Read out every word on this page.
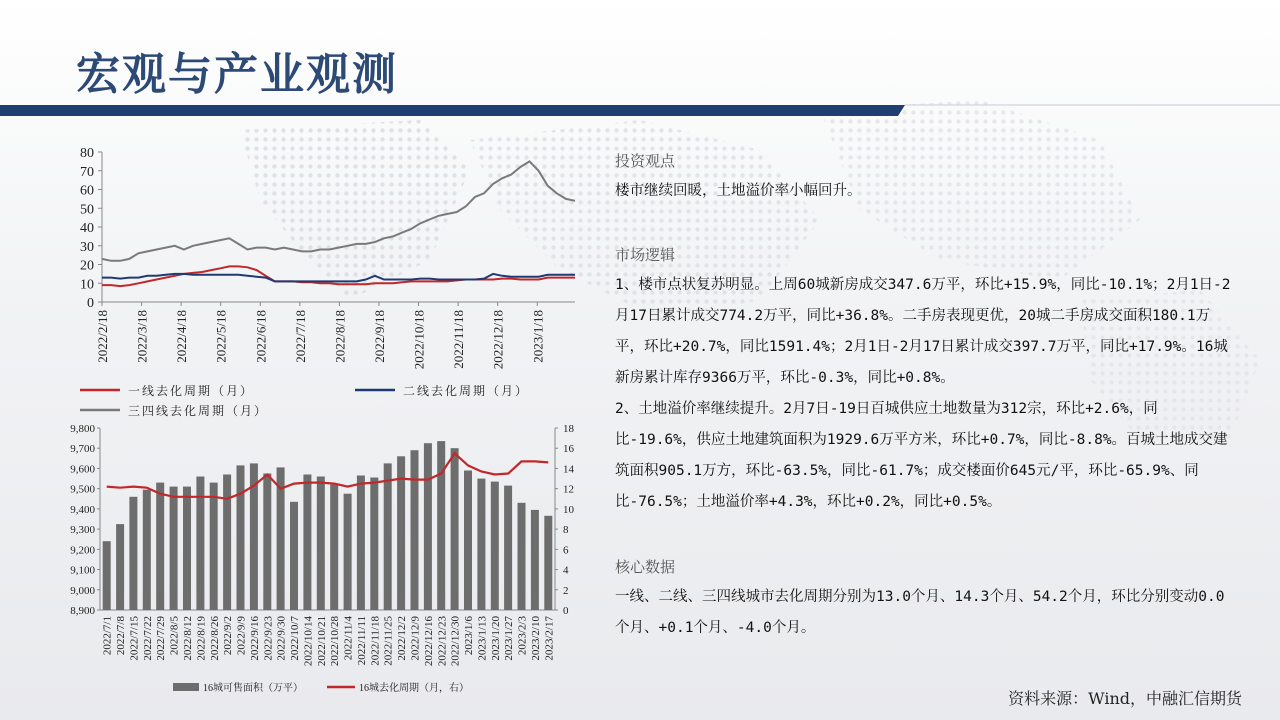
宏观与产业观测
投资观点
楼市继续回暖，土地溢价率小幅回升。
市场逻辑
1、楼市点状复苏明显。上周60城新房成交347.6万平，环比+15.9%，同比-10.1%；2月1日-2月17日累计成交774.2万平，同比+36.8%。二手房表现更优，20城二手房成交面积180.1万平，环比+20.7%，同比1591.4%；2月1日-2月17日累计成交397.7万平，同比+17.9%。16城新房累计库存9366万平，环比-0.3%，同比+0.8%。
2、土地溢价率继续提升。2月7日-19日百城供应土地数量为312宗，环比+2.6%，同比-19.6%，供应土地建筑面积为1929.6万平方米，环比+0.7%，同比-8.8%。百城土地成交建筑面积905.1万方，环比-63.5%，同比-61.7%；成交楼面价645元/平，环比-65.9%、同比-76.5%；土地溢价率+4.3%，环比+0.2%，同比+0.5%。
核心数据
一线、二线、三四线城市去化周期分别为13.0个月、14.3个月、54.2个月，环比分别变动0.0个月、+0.1个月、-4.0个月。
资料来源：Wind，中融汇信期货
0
10
20
30
40
50
60
70
80
2022/2/18 2022/3/18 2022/4/18 2022/5/18 2022/6/18 2022/7/18 2022/8/18 2022/9/18 2022/10/18 2022/11/18 2022/12/18 2023/1/18
一线去化周期（月）	二线去化周期（月）
三四线去化周期（月）
8,900
9,000
9,100
9,200
9,300
9,400
9,500
9,600
9,700
9,800
0
2
4
6
8
10
12
14
16
18
2022/7/1 2022/7/8 2022/7/15 2022/7/22 2022/7/29 2022/8/5 2022/8/12 2022/8/19 2022/8/26 2022/9/2 2022/9/9 2022/9/16 2022/9/23 2022/9/30 2022/10/7 2022/10/14 2022/10/21 2022/10/28 2022/11/4 2022/11/11 2022/11/18 2022/11/25 2022/12/2 2022/12/9 2022/12/16 2022/12/23 2022/12/30 2023/1/6 2023/1/13 2023/1/20 2023/1/27 2023/2/3 2023/2/10 2023/2/17
16城可售面积（万平）	16城去化周期（月，右）
